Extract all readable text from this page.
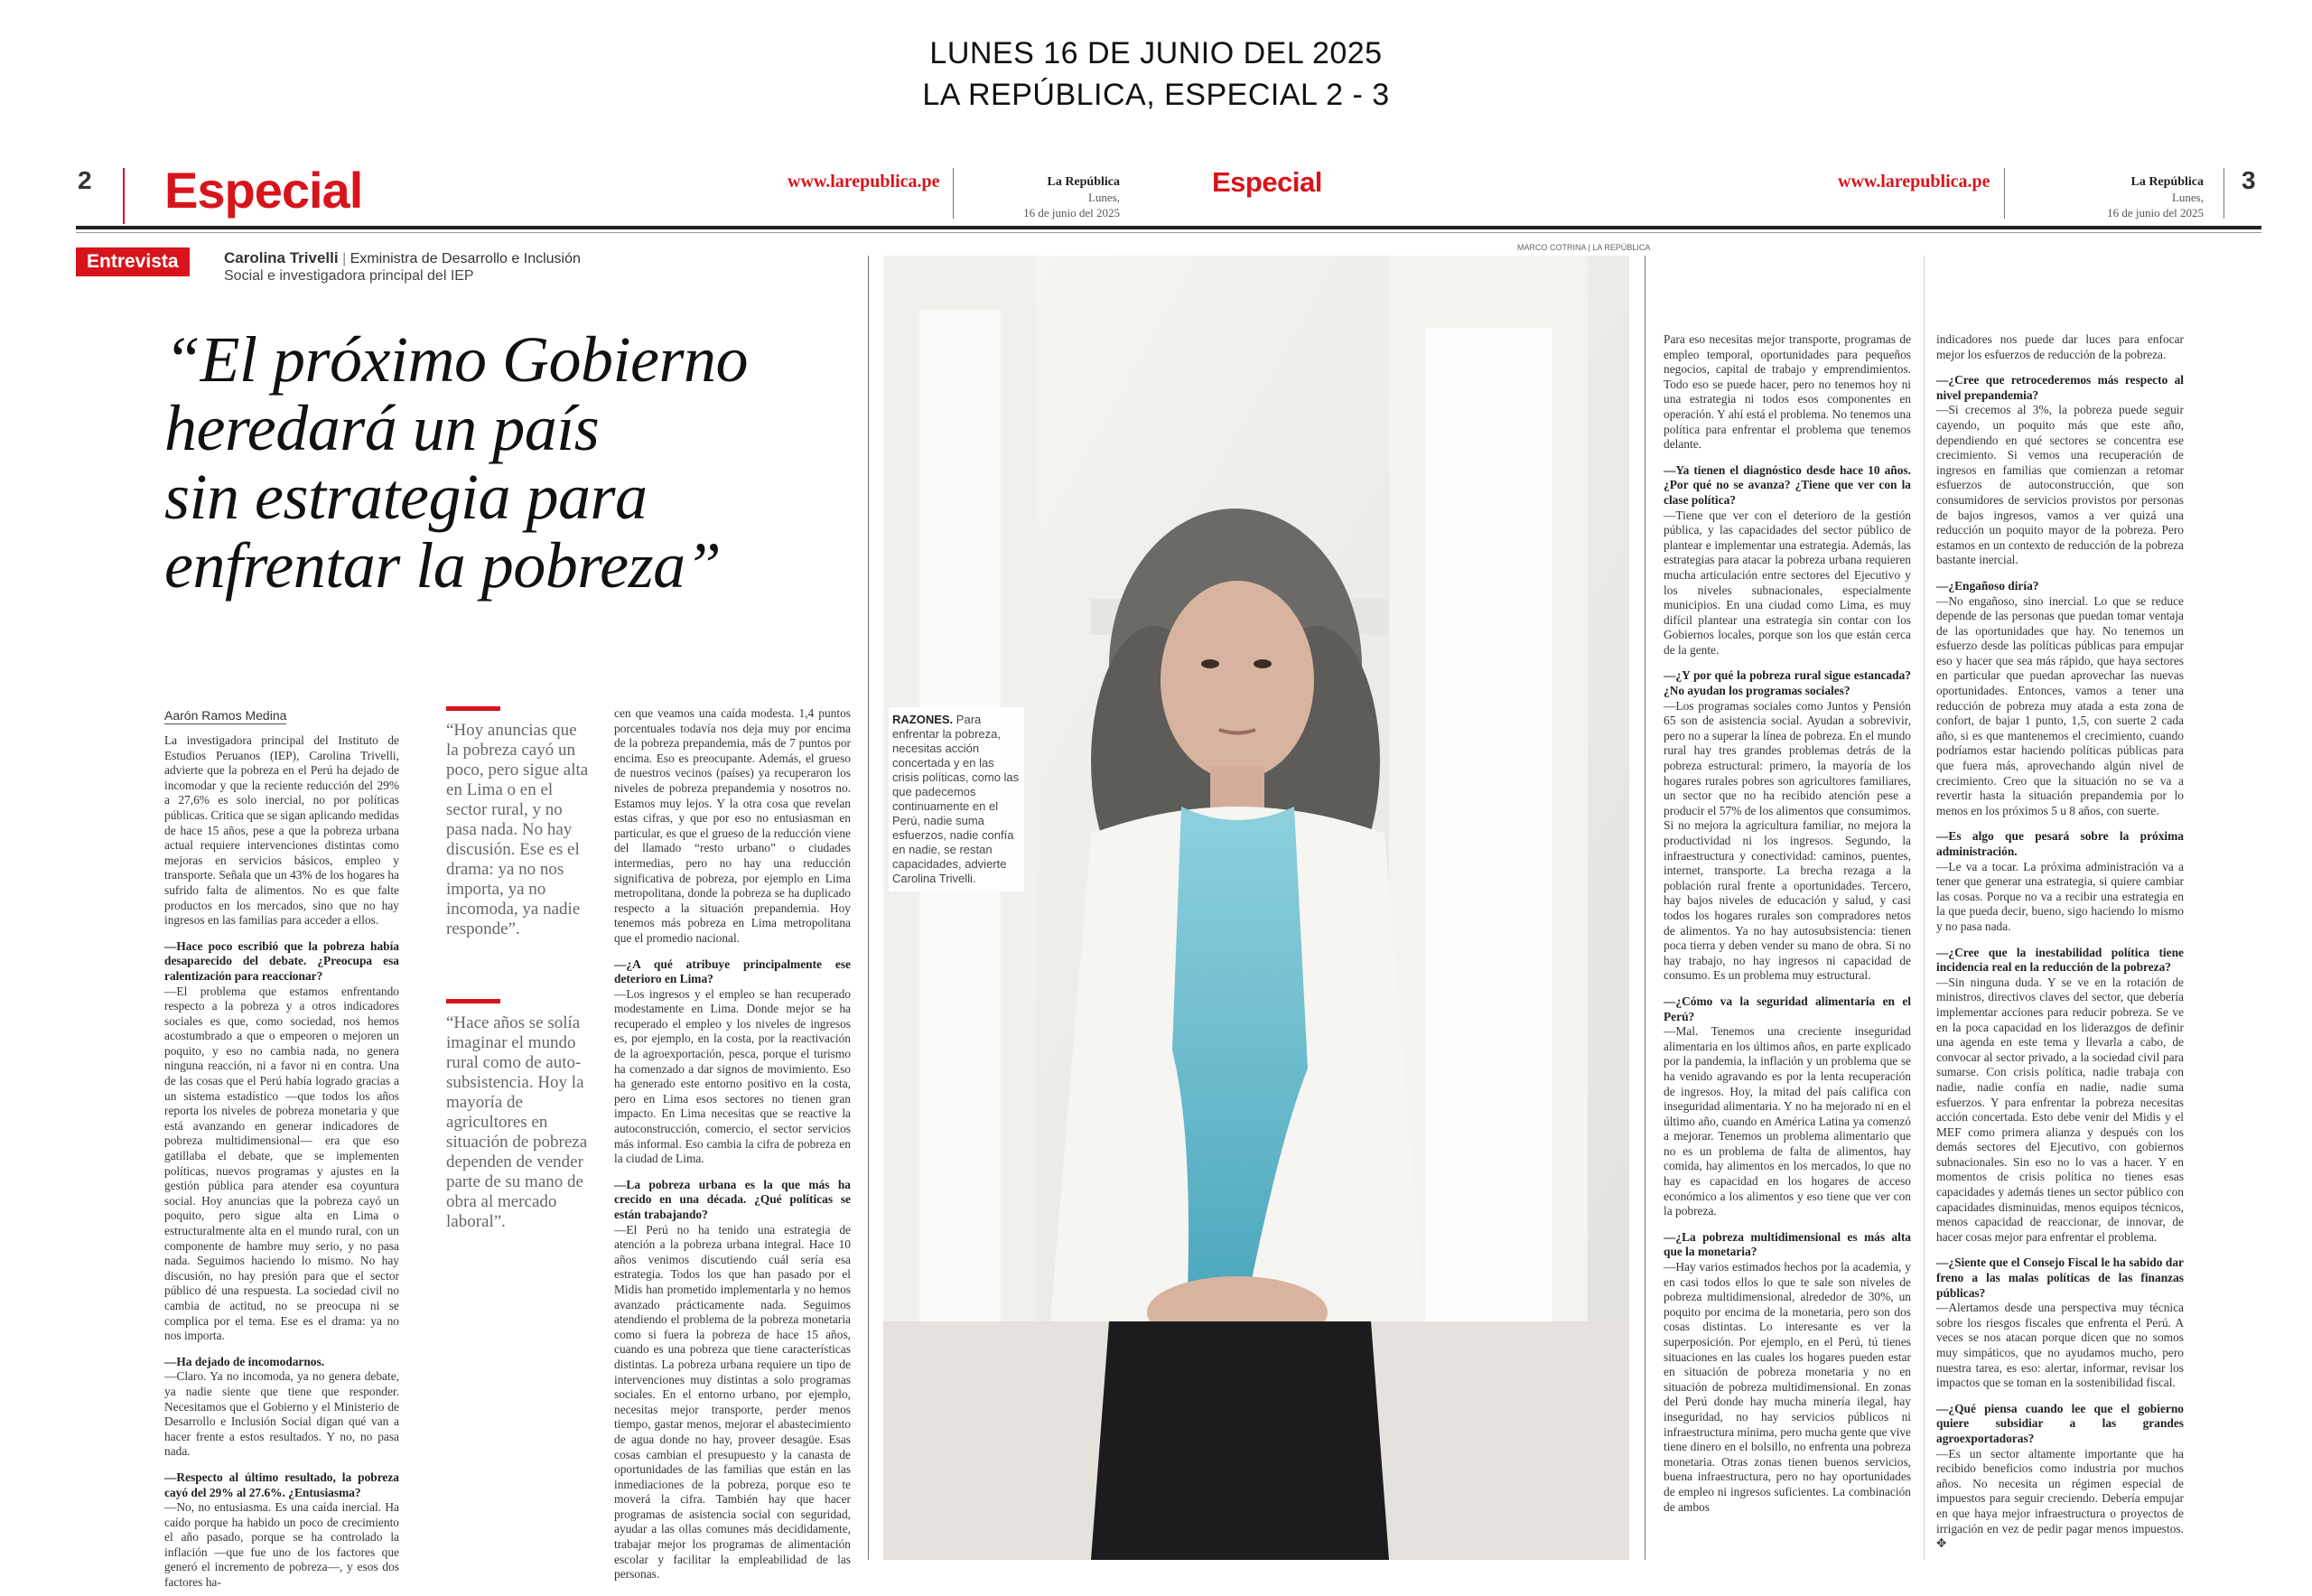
LUNES 16 DE JUNIO DEL 2025
LA REPÚBLICA, ESPECIAL 2 - 3
2 Especial	www.larepublica.pe	La República
Lunes,
16 de junio del 2025
Especial	www.larepublica.pe	La República
Lunes,
16 de junio del 2025
3
Entrevista	Carolina Trivelli | Exministra de Desarrollo e Inclusión
Social e investigadora principal del IEP
“El próximo Gobierno
heredará un país
sin estrategia para
enfrentar la pobreza”
Aarón Ramos Medina

La investigadora principal del Instituto de Estudios Peruanos (IEP), Carolina Trivelli, advierte que la pobreza en el Perú ha dejado de incomodar y que la reciente reducción del 29% a 27,6% es solo inercial, no por políticas públicas. Critica que se sigan aplicando medidas de hace 15 años, pese a que la pobreza urbana actual requiere intervenciones distintas como mejoras en servicios básicos, empleo y transporte. Señala que un 43% de los hogares ha sufrido falta de alimentos. No es que falte productos en los mercados, sino que no hay ingresos en las familias para acceder a ellos.

—Hace poco escribió que la pobreza había desaparecido del debate. ¿Preocupa esa ralentización para reaccionar?

—El problema que estamos enfrentando respecto a la pobreza y a otros indicadores sociales es que, como sociedad, nos hemos acostumbrado a que o empeoren o mejoren un poquito, y eso no cambia nada, no genera ninguna reacción, ni a favor ni en contra. Una de las cosas que el Perú había logrado gracias a un sistema estadístico —que todos los años reporta los niveles de pobreza monetaria y que está avanzando en generar indicadores de pobreza multidimensional— era que eso gatillaba el debate, que se implementen políticas, nuevos programas y ajustes en la gestión pública para atender esa coyuntura social. Hoy anuncias que la pobreza cayó un poquito, pero sigue alta en Lima o estructuralmente alta en el mundo rural, con un componente de hambre muy serio, y no pasa nada. Seguimos haciendo lo mismo. No hay discusión, no hay presión para que el sector público dé una respuesta. La sociedad civil no cambia de actitud, no se preocupa ni se complica por el tema. Ese es el drama: ya no nos importa.

—Ha dejado de incomodarnos.

—Claro. Ya no incomoda, ya no genera debate, ya nadie siente que tiene que responder. Necesitamos que el Gobierno y el Ministerio de Desarrollo e Inclusión Social digan qué van a hacer frente a estos resultados. Y no, no pasa nada.

—Respecto al último resultado, la pobreza cayó del 29% al 27.6%. ¿Entusiasma?

—No, no entusiasma. Es una caída inercial. Ha caído porque ha habido un poco de crecimiento el año pasado, porque se ha controlado la inflación —que fue uno de los factores que generó el incremento de pobreza—, y esos dos factores ha-

“Hoy anuncias que la pobreza cayó un poco, pero sigue alta en Lima o en el sector rural, y no pasa nada. No hay discusión. Ese es el drama: ya no nos importa, ya no incomoda, ya nadie responde”.
“Hace años se solía imaginar el mundo rural como de auto-subsistencia. Hoy la mayoría de agricultores en situación de pobreza dependen de vender parte de su mano de obra al mercado laboral”.

cen que veamos una caída modesta. 1,4 puntos porcentuales todavía nos deja muy por encima de la pobreza prepandemia, más de 7 puntos por encima. Eso es preocupante. Además, el grueso de nuestros vecinos (países) ya recuperaron los niveles de pobreza prepandemia y nosotros no. Estamos muy lejos. Y la otra cosa que revelan estas cifras, y que por eso no entusiasman en particular, es que el grueso de la reducción viene del llamado “resto urbano” o ciudades intermedias, pero no hay una reducción significativa de pobreza, por ejemplo en Lima metropolitana, donde la pobreza se ha duplicado respecto a la situación prepandemia. Hoy tenemos más pobreza en Lima metropolitana que el promedio nacional.

—¿A qué atribuye principalmente ese deterioro en Lima?

—Los ingresos y el empleo se han recuperado modestamente en Lima. Donde mejor se ha recuperado el empleo y los niveles de ingresos es, por ejemplo, en la costa, por la reactivación de la agroexportación, pesca, porque el turismo ha comenzado a dar signos de movimiento. Eso ha generado este entorno positivo en la costa, pero en Lima esos sectores no tienen gran impacto. En Lima necesitas que se reactive la autoconstrucción, comercio, el sector servicios más informal. Eso cambia la cifra de pobreza en la ciudad de Lima.

—La pobreza urbana es la que más ha crecido en una década. ¿Qué políticas se están trabajando?

—El Perú no ha tenido una estrategia de atención a la pobreza urbana integral. Hace 10 años venimos discutiendo cuál sería esa estrategia. Todos los que han pasado por el Midis han prometido implementarla y no hemos avanzado prácticamente nada. Seguimos atendiendo el problema de la pobreza monetaria como si fuera la pobreza de hace 15 años, cuando es una pobreza que tiene características distintas. La pobreza urbana requiere un tipo de intervenciones muy distintas a solo programas sociales. En el entorno urbano, por ejemplo, necesitas mejor transporte, perder menos tiempo, gastar menos, mejorar el abastecimiento de agua donde no hay, proveer desagüe. Esas cosas cambian el presupuesto y la canasta de oportunidades de las familias que están en las inmediaciones de la pobreza, porque eso te moverá la cifra. También hay que hacer programas de asistencia social con seguridad, ayudar a las ollas comunes más decididamente, trabajar mejor los programas de alimentación escolar y facilitar la empleabilidad de las personas.

MARCO COTRINA | LA REPÚBLICA
RAZONES. Para enfrentar la pobreza, necesitas acción concertada y en las crisis políticas, como las que padecemos continuamente en el Perú, nadie suma esfuerzos, nadie confía en nadie, se restan capacidades, advierte Carolina Trivelli.

Para eso necesitas mejor transporte, programas de empleo temporal, oportunidades para pequeños negocios, capital de trabajo y emprendimientos. Todo eso se puede hacer, pero no tenemos hoy ni una estrategia ni todos esos componentes en operación. Y ahí está el problema. No tenemos una política para enfrentar el problema que tenemos delante.

—Ya tienen el diagnóstico desde hace 10 años. ¿Por qué no se avanza? ¿Tiene que ver con la clase política?

—Tiene que ver con el deterioro de la gestión pública, y las capacidades del sector público de plantear e implementar una estrategia. Además, las estrategias para atacar la pobreza urbana requieren mucha articulación entre sectores del Ejecutivo y los niveles subnacionales, especialmente municipios. En una ciudad como Lima, es muy difícil plantear una estrategia sin contar con los Gobiernos locales, porque son los que están cerca de la gente.

—¿Y por qué la pobreza rural sigue estancada? ¿No ayudan los programas sociales?

—Los programas sociales como Juntos y Pensión 65 son de asistencia social. Ayudan a sobrevivir, pero no a superar la línea de pobreza. En el mundo rural hay tres grandes problemas detrás de la pobreza estructural: primero, la mayoría de los hogares rurales pobres son agricultores familiares, un sector que no ha recibido atención pese a producir el 57% de los alimentos que consumimos. Si no mejora la agricultura familiar, no mejora la productividad ni los ingresos. Segundo, la infraestructura y conectividad: caminos, puentes, internet, transporte. La brecha rezaga a la población rural frente a oportunidades. Tercero, hay bajos niveles de educación y salud, y casi todos los hogares rurales son compradores netos de alimentos. Ya no hay autosubsistencia: tienen poca tierra y deben vender su mano de obra. Si no hay trabajo, no hay ingresos ni capacidad de consumo. Es un problema muy estructural.

—¿Cómo va la seguridad alimentaria en el Perú?

—Mal. Tenemos una creciente inseguridad alimentaria en los últimos años, en parte explicado por la pandemia, la inflación y un problema que se ha venido agravando es por la lenta recuperación de ingresos. Hoy, la mitad del país califica con inseguridad alimentaria. Y no ha mejorado ni en el último año, cuando en América Latina ya comenzó a mejorar. Tenemos un problema alimentario que no es un problema de falta de alimentos, hay comida, hay alimentos en los mercados, lo que no hay es capacidad en los hogares de acceso económico a los alimentos y eso tiene que ver con la pobreza.

—¿La pobreza multidimensional es más alta que la monetaria?

—Hay varios estimados hechos por la academia, y en casi todos ellos lo que te sale son niveles de pobreza multidimensional, alrededor de 30%, un poquito por encima de la monetaria, pero son dos cosas distintas. Lo interesante es ver la superposición. Por ejemplo, en el Perú, tú tienes situaciones en las cuales los hogares pueden estar en situación de pobreza monetaria y no en situación de pobreza multidimensional. En zonas del Perú donde hay mucha minería ilegal, hay inseguridad, no hay servicios públicos ni infraestructura mínima, pero mucha gente que vive tiene dinero en el bolsillo, no enfrenta una pobreza monetaria. Otras zonas tienen buenos servicios, buena infraestructura, pero no hay oportunidades de empleo ni ingresos suficientes. La combinación de ambos

indicadores nos puede dar luces para enfocar mejor los esfuerzos de reducción de la pobreza.

—¿Cree que retrocederemos más respecto al nivel prepandemia?

—Si crecemos al 3%, la pobreza puede seguir cayendo, un poquito más que este año, dependiendo en qué sectores se concentra ese crecimiento. Si vemos una recuperación de ingresos en familias que comienzan a retomar esfuerzos de autoconstrucción, que son consumidores de servicios provistos por personas de bajos ingresos, vamos a ver quizá una reducción un poquito mayor de la pobreza. Pero estamos en un contexto de reducción de la pobreza bastante inercial.

—¿Engañoso diría?

—No engañoso, sino inercial. Lo que se reduce depende de las personas que puedan tomar ventaja de las oportunidades que hay. No tenemos un esfuerzo desde las políticas públicas para empujar eso y hacer que sea más rápido, que haya sectores en particular que puedan aprovechar las nuevas oportunidades. Entonces, vamos a tener una reducción de pobreza muy atada a esta zona de confort, de bajar 1 punto, 1,5, con suerte 2 cada año, si es que mantenemos el crecimiento, cuando podríamos estar haciendo políticas públicas para que fuera más, aprovechando algún nivel de crecimiento. Creo que la situación no se va a revertir hasta la situación prepandemia por lo menos en los próximos 5 u 8 años, con suerte.

—Es algo que pesará sobre la próxima administración.

—Le va a tocar. La próxima administración va a tener que generar una estrategia, si quiere cambiar las cosas. Porque no va a recibir una estrategia en la que pueda decir, bueno, sigo haciendo lo mismo y no pasa nada.

—¿Cree que la inestabilidad política tiene incidencia real en la reducción de la pobreza?

—Sin ninguna duda. Y se ve en la rotación de ministros, directivos claves del sector, que debería implementar acciones para reducir pobreza. Se ve en la poca capacidad en los liderazgos de definir una agenda en este tema y llevarla a cabo, de convocar al sector privado, a la sociedad civil para sumarse. Con crisis política, nadie trabaja con nadie, nadie confía en nadie, nadie suma esfuerzos. Y para enfrentar la pobreza necesitas acción concertada. Esto debe venir del Midis y el MEF como primera alianza y después con los demás sectores del Ejecutivo, con gobiernos subnacionales. Sin eso no lo vas a hacer. Y en momentos de crisis política no tienes esas capacidades y además tienes un sector público con capacidades disminuidas, menos equipos técnicos, menos capacidad de reaccionar, de innovar, de hacer cosas mejor para enfrentar el problema.

—¿Siente que el Consejo Fiscal le ha sabido dar freno a las malas políticas de las finanzas públicas?

—Alertamos desde una perspectiva muy técnica sobre los riesgos fiscales que enfrenta el Perú. A veces se nos atacan porque dicen que no somos muy simpáticos, que no ayudamos mucho, pero nuestra tarea, es eso: alertar, informar, revisar los impactos que se toman en la sostenibilidad fiscal.

—¿Qué piensa cuando lee que el gobierno quiere subsidiar a las grandes agroexportadoras?

—Es un sector altamente importante que ha recibido beneficios como industria por muchos años. No necesita un régimen especial de impuestos para seguir creciendo. Debería empujar en que haya mejor infraestructura o proyectos de irrigación en vez de pedir pagar menos impuestos. ✥
